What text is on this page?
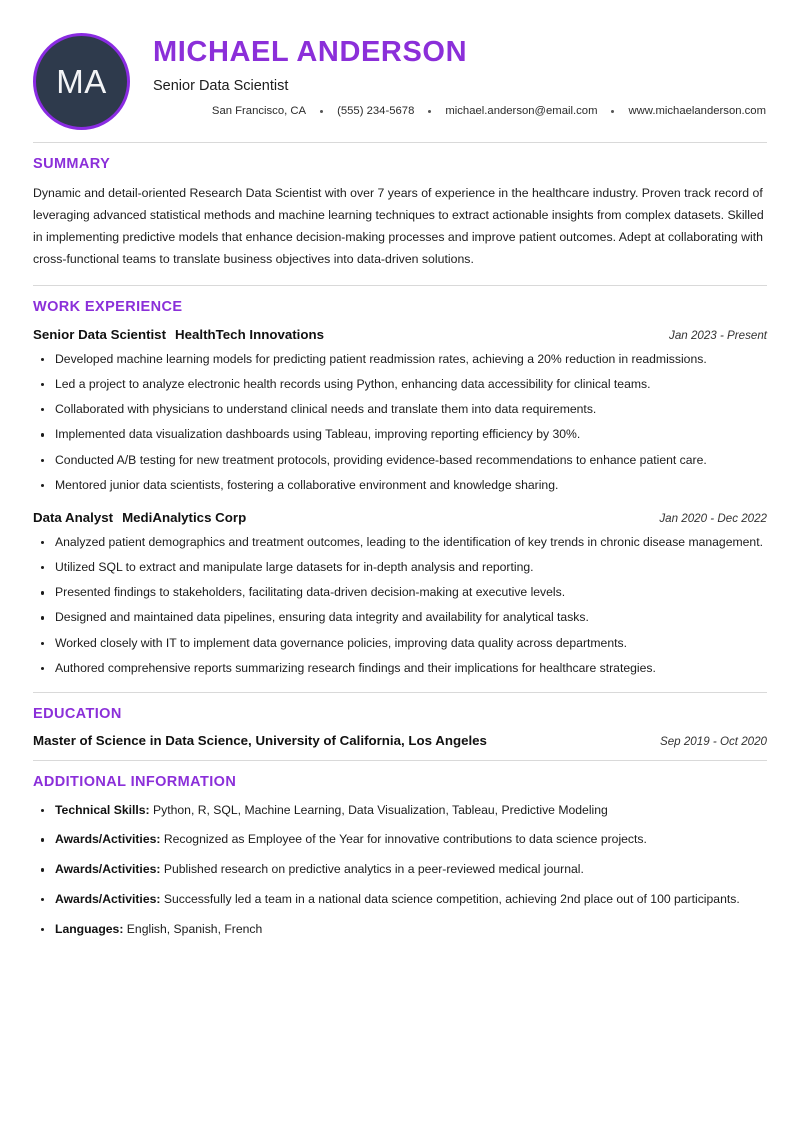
MA
MICHAEL ANDERSON
Senior Data Scientist
San Francisco, CA	(555) 234-5678	michael.anderson@email.com	www.michaelanderson.com
SUMMARY

Dynamic and detail-oriented Research Data Scientist with over 7 years of experience in the healthcare industry. Proven track record of leveraging advanced statistical methods and machine learning techniques to extract actionable insights from complex datasets. Skilled in implementing predictive models that enhance decision-making processes and improve patient outcomes. Adept at collaborating with cross-functional teams to translate business objectives into data-driven solutions.

WORK EXPERIENCE
Senior Data Scientist HealthTech Innovations	Jan 2023 - Present
Developed machine learning models for predicting patient readmission rates, achieving a 20% reduction in readmissions.
Led a project to analyze electronic health records using Python, enhancing data accessibility for clinical teams.
Collaborated with physicians to understand clinical needs and translate them into data requirements.
Implemented data visualization dashboards using Tableau, improving reporting efficiency by 30%.
Conducted A/B testing for new treatment protocols, providing evidence-based recommendations to enhance patient care.
Mentored junior data scientists, fostering a collaborative environment and knowledge sharing.
Data Analyst MediAnalytics Corp	Jan 2020 - Dec 2022
Analyzed patient demographics and treatment outcomes, leading to the identification of key trends in chronic disease management.
Utilized SQL to extract and manipulate large datasets for in-depth analysis and reporting.
Presented findings to stakeholders, facilitating data-driven decision-making at executive levels.
Designed and maintained data pipelines, ensuring data integrity and availability for analytical tasks.
Worked closely with IT to implement data governance policies, improving data quality across departments.
Authored comprehensive reports summarizing research findings and their implications for healthcare strategies.
EDUCATION
Master of Science in Data Science, University of California, Los Angeles	Sep 2019 - Oct 2020
ADDITIONAL INFORMATION
Technical Skills: Python, R, SQL, Machine Learning, Data Visualization, Tableau, Predictive Modeling
Awards/Activities: Recognized as Employee of the Year for innovative contributions to data science projects.
Awards/Activities: Published research on predictive analytics in a peer-reviewed medical journal.
Awards/Activities: Successfully led a team in a national data science competition, achieving 2nd place out of 100 participants.
Languages: English, Spanish, French
